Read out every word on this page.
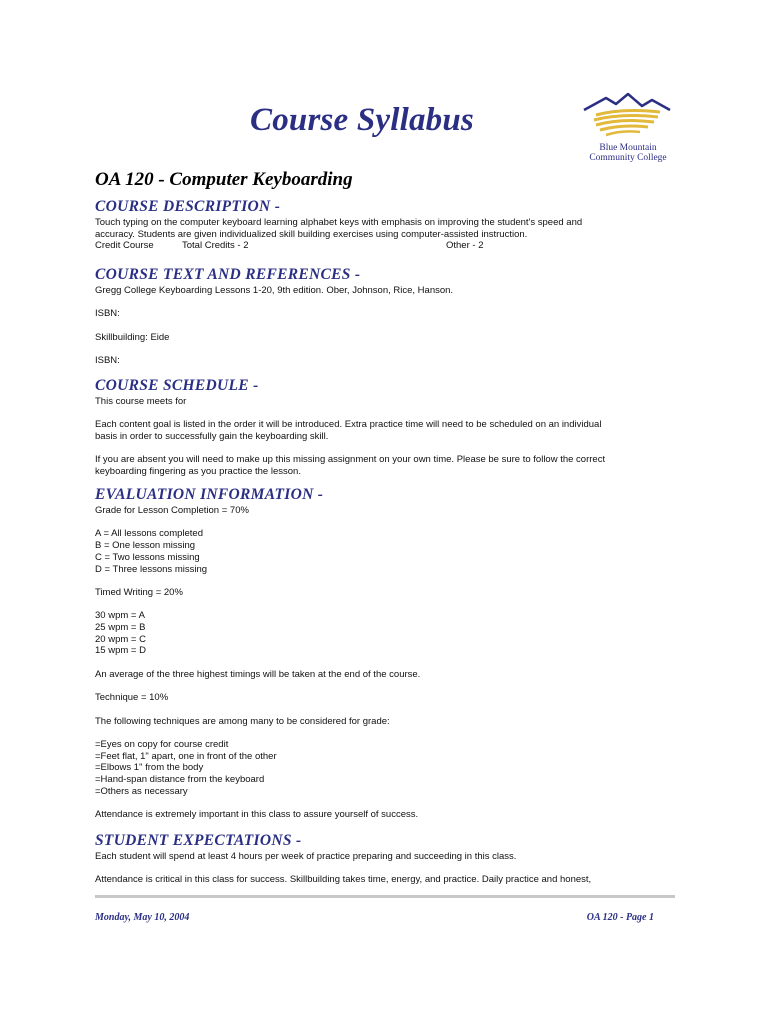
Course Syllabus
Blue Mountain
Community College
OA 120 - Computer Keyboarding
COURSE DESCRIPTION -

Touch typing on the computer keyboard learning alphabet keys with emphasis on improving the student's speed and

accuracy. Students are given individualized skill building exercises using computer-assisted instruction.

Credit Course	Total Credits - 2	Other - 2
COURSE TEXT AND REFERENCES -

Gregg College Keyboarding Lessons 1-20, 9th edition. Ober, Johnson, Rice, Hanson.

ISBN:

Skillbuilding: Eide

ISBN:

COURSE SCHEDULE -

This course meets for

Each content goal is listed in the order it will be introduced. Extra practice time will need to be scheduled on an individual

basis in order to successfully gain the keyboarding skill.

If you are absent you will need to make up this missing assignment on your own time. Please be sure to follow the correct

keyboarding fingering as you practice the lesson.

EVALUATION INFORMATION -

Grade for Lesson Completion = 70%

A = All lessons completed

B = One lesson missing

C = Two lessons missing

D = Three lessons missing

Timed Writing = 20%

30 wpm = A

25 wpm = B

20 wpm = C

15 wpm = D

An average of the three highest timings will be taken at the end of the course.

Technique = 10%

The following techniques are among many to be considered for grade:

=Eyes on copy for course credit

=Feet flat, 1" apart, one in front of the other

=Elbows 1" from the body

=Hand-span distance from the keyboard

=Others as necessary

Attendance is extremely important in this class to assure yourself of success.

STUDENT EXPECTATIONS -

Each student will spend at least 4 hours per week of practice preparing and succeeding in this class.

Attendance is critical in this class for success. Skillbuilding takes time, energy, and practice. Daily practice and honest,

Monday, May 10, 2004	OA 120 - Page 1
